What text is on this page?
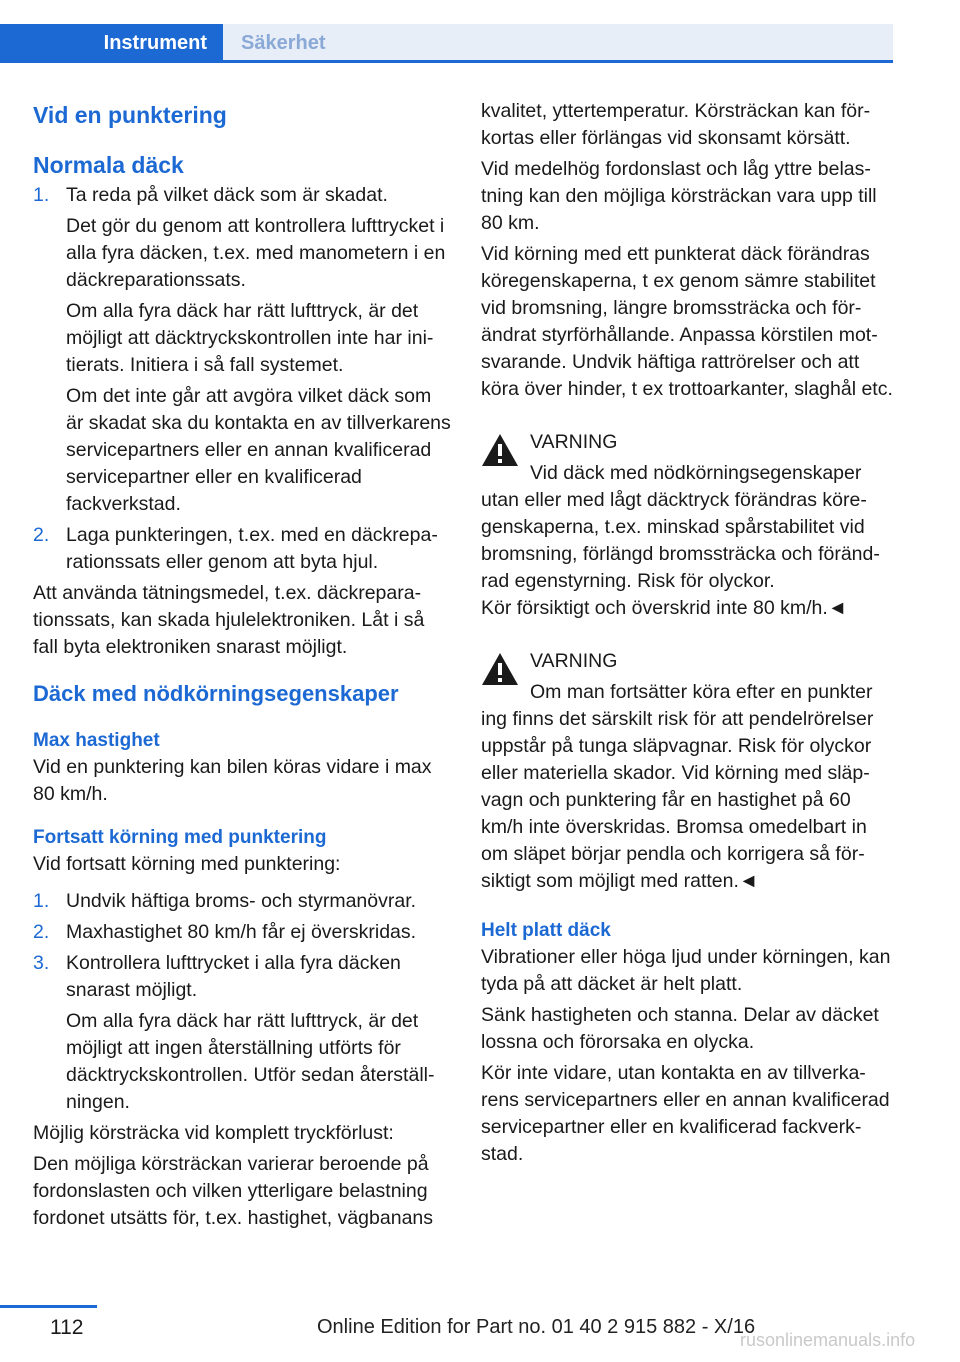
Instrument	Säkerhet
Vid en punktering
Normala däck
1. Ta reda på vilket däck som är skadat.

Det gör du genom att kontrollera lufttrycket i alla fyra däcken, t.ex. med manometern i en däckreparationssats.

Om alla fyra däck har rätt lufttryck, är det möjligt att däcktryckskontrollen inte har initierats. Initiera i så fall systemet.

Om det inte går att avgöra vilket däck som är skadat ska du kontakta en av tillverkarens servicepartners eller en annan kvalificerad servicepartner eller en kvalificerad fackverkstad.

2. Laga punkteringen, t.ex. med en däckreparationssats eller genom att byta hjul.

Att använda tätningsmedel, t.ex. däckreparationssats, kan skada hjulelektroniken. Låt i så fall byta elektroniken snarast möjligt.

Däck med nödkörningsegenskaper
Max hastighet

Vid en punktering kan bilen köras vidare i max 80 km/h.

Fortsatt körning med punktering

Vid fortsatt körning med punktering:

1. Undvik häftiga broms- och styrmanövrar.

2. Maxhastighet 80 km/h får ej överskridas.

3. Kontrollera lufttrycket i alla fyra däcken snarast möjligt.

Om alla fyra däck har rätt lufttryck, är det möjligt att ingen återställning utförts för däcktryckskontrollen. Utför sedan återställningen.

Möjlig körsträcka vid komplett tryckförlust:

Den möjliga körsträckan varierar beroende på fordonslasten och vilken ytterligare belastning fordonet utsätts för, t.ex. hastighet, vägbanans

kvalitet, yttertemperatur. Körsträckan kan förkortas eller förlängas vid skonsamt körsätt.

Vid medelhög fordonslast och låg yttre belastning kan den möjliga körsträckan vara upp till 80 km.

Vid körning med ett punkterat däck förändras köregenskaperna, t ex genom sämre stabilitet vid bromsning, längre bromssträcka och förändrat styrförhållande. Anpassa körstilen motsvarande. Undvik häftiga rattrörelser och att köra över hinder, t ex trottoarkanter, slaghål etc.

VARNING

Vid däck med nödkörningsegenskaper

utan eller med lågt däcktryck förändras köregenskaperna, t.ex. minskad spårstabilitet vid bromsning, förlängd bromssträcka och förändrad egenstyrning. Risk för olyckor.

Kör försiktigt och överskrid inte 80 km/h.◄

VARNING

Om man fortsätter köra efter en punkter

ing finns det särskilt risk för att pendelrörelser uppstår på tunga släpvagnar. Risk för olyckor eller materiella skador. Vid körning med släpvagn och punktering får en hastighet på 60 km/h inte överskridas. Bromsa omedelbart in om släpet börjar pendla och korrigera så försiktigt som möjligt med ratten.◄

Helt platt däck

Vibrationer eller höga ljud under körningen, kan tyda på att däcket är helt platt.

Sänk hastigheten och stanna. Delar av däcket lossna och förorsaka en olycka.

Kör inte vidare, utan kontakta en av tillverkarens servicepartners eller en annan kvalificerad servicepartner eller en kvalificerad fackverkstad.

112	Online Edition for Part no. 01 40 2 915 882 - X/16
rusonlinemanuals.info
